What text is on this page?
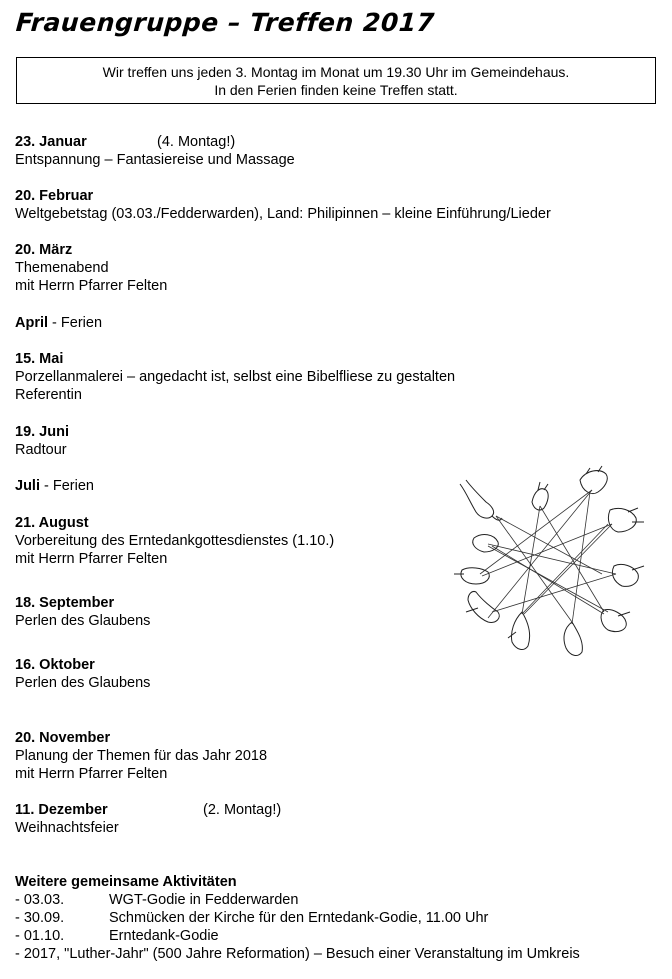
Frauengruppe – Treffen 2017
Wir treffen uns jeden 3. Montag im Monat um 19.30 Uhr im Gemeindehaus.
In den Ferien finden keine Treffen statt.
23. Januar	(4. Montag!)
Entspannung – Fantasiereise und Massage
20. Februar
Weltgebetstag (03.03./Fedderwarden), Land: Philipinnen – kleine Einführung/Lieder
20. März
Themenabend
mit Herrn Pfarrer Felten
April - Ferien
15. Mai
Porzellanmalerei – angedacht ist, selbst eine Bibelfliese zu gestalten
Referentin
19. Juni
Radtour
Juli - Ferien
21. August
Vorbereitung des Erntedankgottesdienstes (1.10.)
mit Herrn Pfarrer Felten
18. September
Perlen des Glaubens
16. Oktober
Perlen des Glaubens
20. November
Planung der Themen für das Jahr 2018
mit Herrn Pfarrer Felten
11. Dezember	(2. Montag!)
Weihnachtsfeier
Weitere gemeinsame Aktivitäten
- 03.03.	WGT-Godie in Fedderwarden
- 30.09.	Schmücken der Kirche für den Erntedank-Godie, 11.00 Uhr
- 01.10.	Erntedank-Godie
- 2017, "Luther-Jahr" (500 Jahre Reformation) – Besuch einer Veranstaltung im Umkreis
